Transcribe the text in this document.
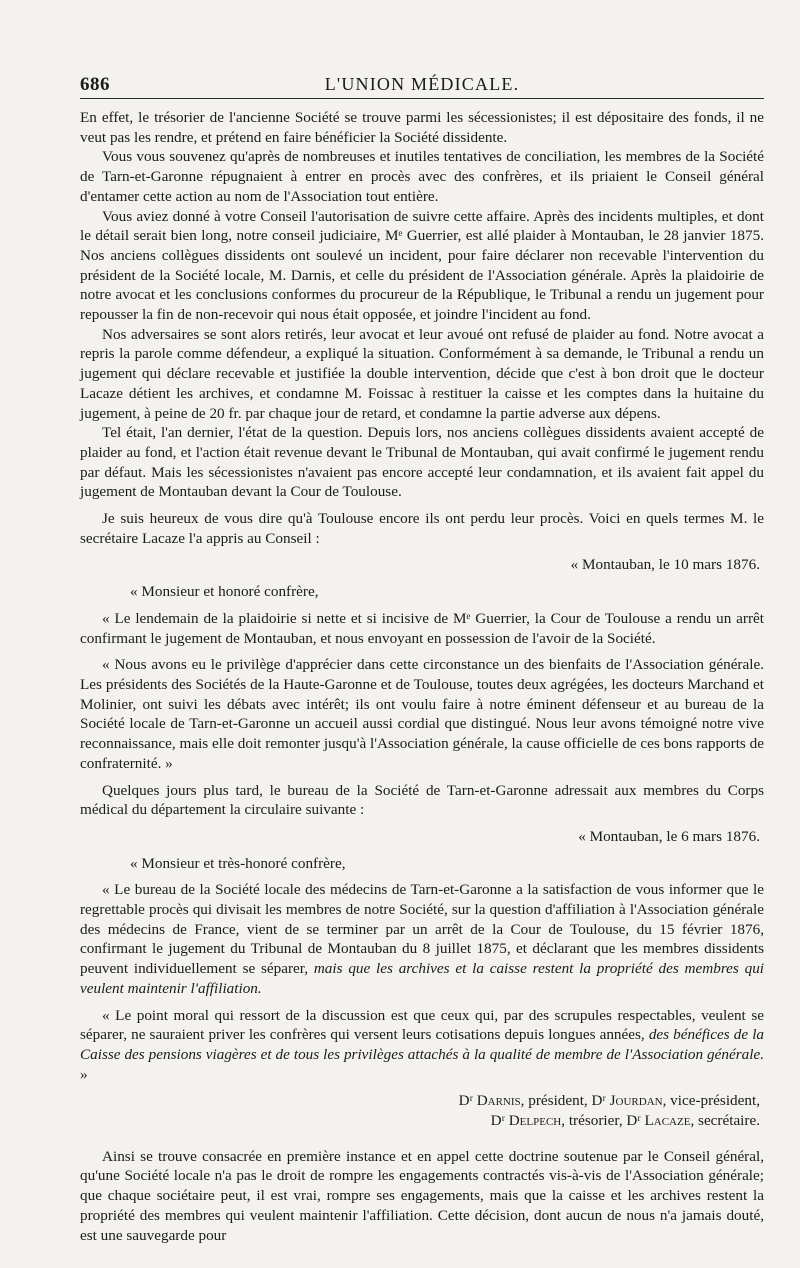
686	L'UNION MÉDICALE.

En effet, le trésorier de l'ancienne Société se trouve parmi les sécessionistes; il est dépositaire des fonds, il ne veut pas les rendre, et prétend en faire bénéficier la Société dissidente.

Vous vous souvenez qu'après de nombreuses et inutiles tentatives de conciliation, les membres de la Société de Tarn-et-Garonne répugnaient à entrer en procès avec des confrères, et ils priaient le Conseil général d'entamer cette action au nom de l'Association tout entière.

Vous aviez donné à votre Conseil l'autorisation de suivre cette affaire. Après des incidents multiples, et dont le détail serait bien long, notre conseil judiciaire, Mᵉ Guerrier, est allé plaider à Montauban, le 28 janvier 1875. Nos anciens collègues dissidents ont soulevé un incident, pour faire déclarer non recevable l'intervention du président de la Société locale, M. Darnis, et celle du président de l'Association générale. Après la plaidoirie de notre avocat et les conclusions conformes du procureur de la République, le Tribunal a rendu un jugement pour repousser la fin de non-recevoir qui nous était opposée, et joindre l'incident au fond.

Nos adversaires se sont alors retirés, leur avocat et leur avoué ont refusé de plaider au fond. Notre avocat a repris la parole comme défendeur, a expliqué la situation. Conformément à sa demande, le Tribunal a rendu un jugement qui déclare recevable et justifiée la double intervention, décide que c'est à bon droit que le docteur Lacaze détient les archives, et condamne M. Foissac à restituer la caisse et les comptes dans la huitaine du jugement, à peine de 20 fr. par chaque jour de retard, et condamne la partie adverse aux dépens.

Tel était, l'an dernier, l'état de la question. Depuis lors, nos anciens collègues dissidents avaient accepté de plaider au fond, et l'action était revenue devant le Tribunal de Montauban, qui avait confirmé le jugement rendu par défaut. Mais les sécessionistes n'avaient pas encore accepté leur condamnation, et ils avaient fait appel du jugement de Montauban devant la Cour de Toulouse.

Je suis heureux de vous dire qu'à Toulouse encore ils ont perdu leur procès. Voici en quels termes M. le secrétaire Lacaze l'a appris au Conseil :

« Montauban, le 10 mars 1876.

« Monsieur et honoré confrère,

« Le lendemain de la plaidoirie si nette et si incisive de Mᵉ Guerrier, la Cour de Toulouse a rendu un arrêt confirmant le jugement de Montauban, et nous envoyant en possession de l'avoir de la Société.

« Nous avons eu le privilège d'apprécier dans cette circonstance un des bienfaits de l'Association générale. Les présidents des Sociétés de la Haute-Garonne et de Toulouse, toutes deux agrégées, les docteurs Marchand et Molinier, ont suivi les débats avec intérêt; ils ont voulu faire à notre éminent défenseur et au bureau de la Société locale de Tarn-et-Garonne un accueil aussi cordial que distingué. Nous leur avons témoigné notre vive reconnaissance, mais elle doit remonter jusqu'à l'Association générale, la cause officielle de ces bons rapports de confraternité. »

Quelques jours plus tard, le bureau de la Société de Tarn-et-Garonne adressait aux membres du Corps médical du département la circulaire suivante :

« Montauban, le 6 mars 1876.

« Monsieur et très-honoré confrère,

« Le bureau de la Société locale des médecins de Tarn-et-Garonne a la satisfaction de vous informer que le regrettable procès qui divisait les membres de notre Société, sur la question d'affiliation à l'Association générale des médecins de France, vient de se terminer par un arrêt de la Cour de Toulouse, du 15 février 1876, confirmant le jugement du Tribunal de Montauban du 8 juillet 1875, et déclarant que les membres dissidents peuvent individuellement se séparer, mais que les archives et la caisse restent la propriété des membres qui veulent maintenir l'affiliation.

« Le point moral qui ressort de la discussion est que ceux qui, par des scrupules respectables, veulent se séparer, ne sauraient priver les confrères qui versent leurs cotisations depuis longues années, des bénéfices de la Caisse des pensions viagères et de tous les privilèges attachés à la qualité de membre de l'Association générale. »

Dʳ Darnis, président, Dʳ Jourdan, vice-président,

Dʳ Delpech, trésorier, Dʳ Lacaze, secrétaire.

Ainsi se trouve consacrée en première instance et en appel cette doctrine soutenue par le Conseil général, qu'une Société locale n'a pas le droit de rompre les engagements contractés vis-à-vis de l'Association générale; que chaque sociétaire peut, il est vrai, rompre ses engagements, mais que la caisse et les archives restent la propriété des membres qui veulent maintenir l'affiliation. Cette décision, dont aucun de nous n'a jamais douté, est une sauvegarde pour
